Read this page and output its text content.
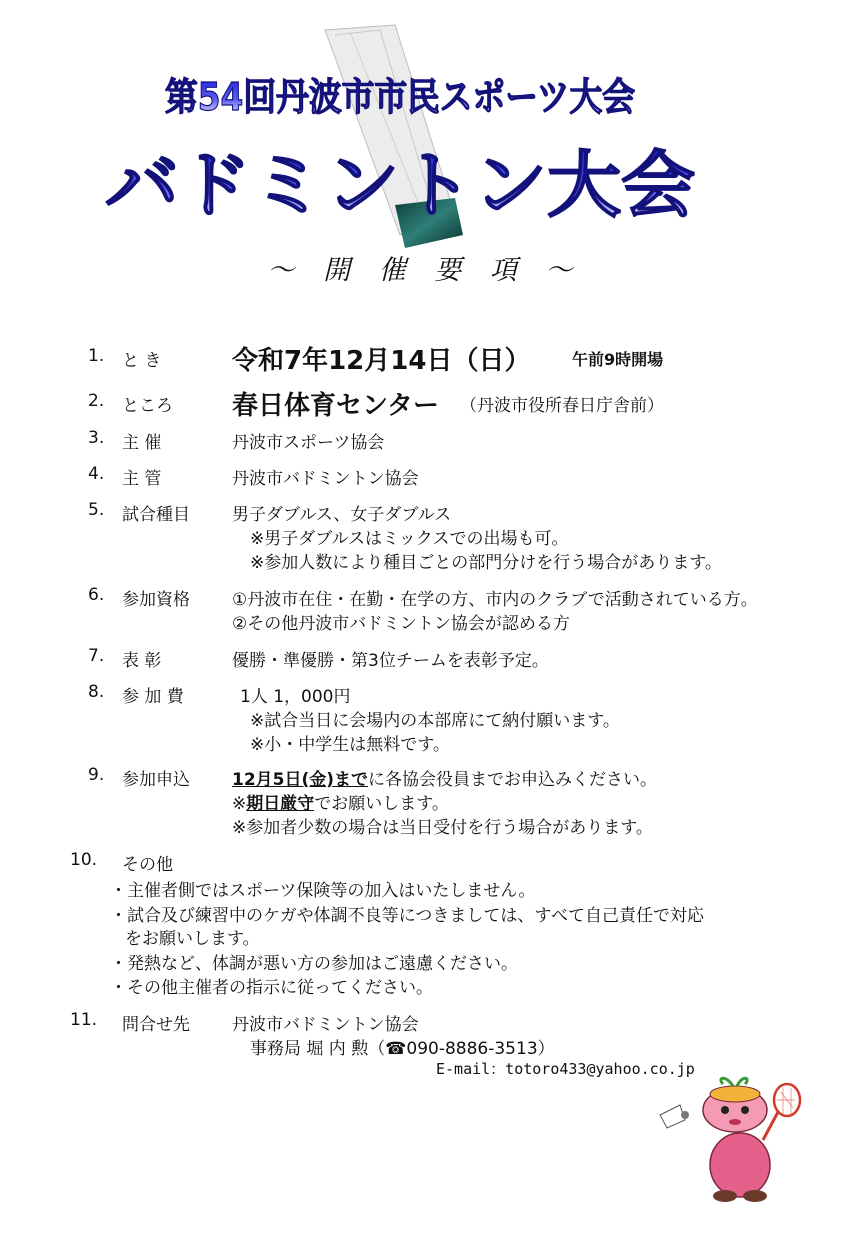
第54回丹波市市民スポーツ大会
バドミントン大会
～ 開 催 要 項 ～
1. と き	令和7年12月14日（日）	午前9時開場
2. ところ 春日体育センター （丹波市役所春日庁舎前）
3. 主 催	丹波市スポーツ協会
4. 主 管	丹波市バドミントン協会
5. 試合種目 男子ダブルス、女子ダブルス
※男子ダブルスはミックスでの出場も可。
※参加人数により種目ごとの部門分けを行う場合があります。
6. 参加資格 ①丹波市在住・在勤・在学の方、市内のクラブで活動されている方。
②その他丹波市バドミントン協会が認める方
7. 表 彰	優勝・準優勝・第3位チームを表彰予定。
8. 参 加 費	1人 1，000円
※試合当日に会場内の本部席にて納付願います。
※小・中学生は無料です。
9. 参加申込 12月5日(金)までに各協会役員までお申込みください。
※期日厳守でお願いします。
※参加者少数の場合は当日受付を行う場合があります。
10. その他
・主催者側ではスポーツ保険等の加入はいたしません。
・試合及び練習中のケガや体調不良等につきましては、すべて自己責任で対応
をお願いします。
・発熱など、体調が悪い方の参加はご遠慮ください。
・その他主催者の指示に従ってください。
11. 問合せ先 丹波市バドミントン協会
事務局 堀 内 勲（☎090-8886-3513）
E-mail：totoro433@yahoo.co.jp
